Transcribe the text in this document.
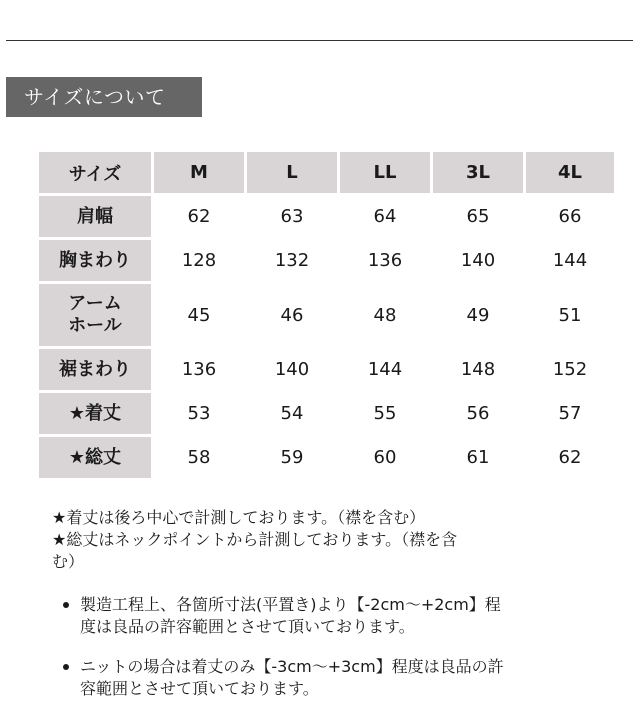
サイズについて
サイズ	M	L	LL	3L	4L
肩幅	62	63	64	65	66
胸まわり	128	132	136	140	144
アーム
ホール	45	46	48	49	51
裾まわり	136	140	144	148	152
★着丈	53	54	55	56	57
★総丈	58	59	60	61	62

★着丈は後ろ中心で計測しております。（襟を含む）

★総丈はネックポイントから計測しております。（襟を含

む）

製造工程上、各箇所寸法(平置き)より【-2cm～+2cm】程
度は良品の許容範囲とさせて頂いております。
ニットの場合は着丈のみ【-3cm～+3cm】程度は良品の許
容範囲とさせて頂いております。
